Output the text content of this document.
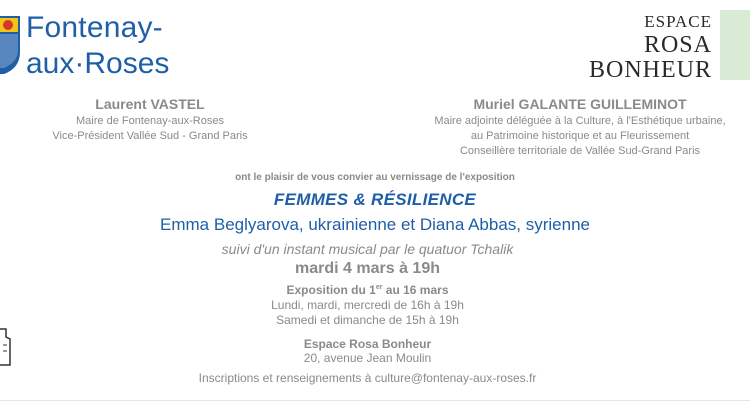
Fontenay-
aux·Roses
ESPACE
ROSA
BONHEUR
Laurent VASTEL
Maire de Fontenay-aux-Roses
Vice-Président Vallée Sud - Grand Paris
Muriel GALANTE GUILLEMINOT
Maire adjointe déléguée à la Culture, à l'Esthétique urbaine,
au Patrimoine historique et au Fleurissement
Conseillère territoriale de Vallée Sud-Grand Paris
ont le plaisir de vous convier au vernissage de l'exposition
FEMMES & RÉSILIENCE
Emma Beglyarova, ukrainienne et Diana Abbas, syrienne
suivi d'un instant musical par le quatuor Tchalik
mardi 4 mars à 19h
Exposition du 1er au 16 mars
Lundi, mardi, mercredi de 16h à 19h
Samedi et dimanche de 15h à 19h
Espace Rosa Bonheur
20, avenue Jean Moulin
Inscriptions et renseignements à culture@fontenay-aux-roses.fr
